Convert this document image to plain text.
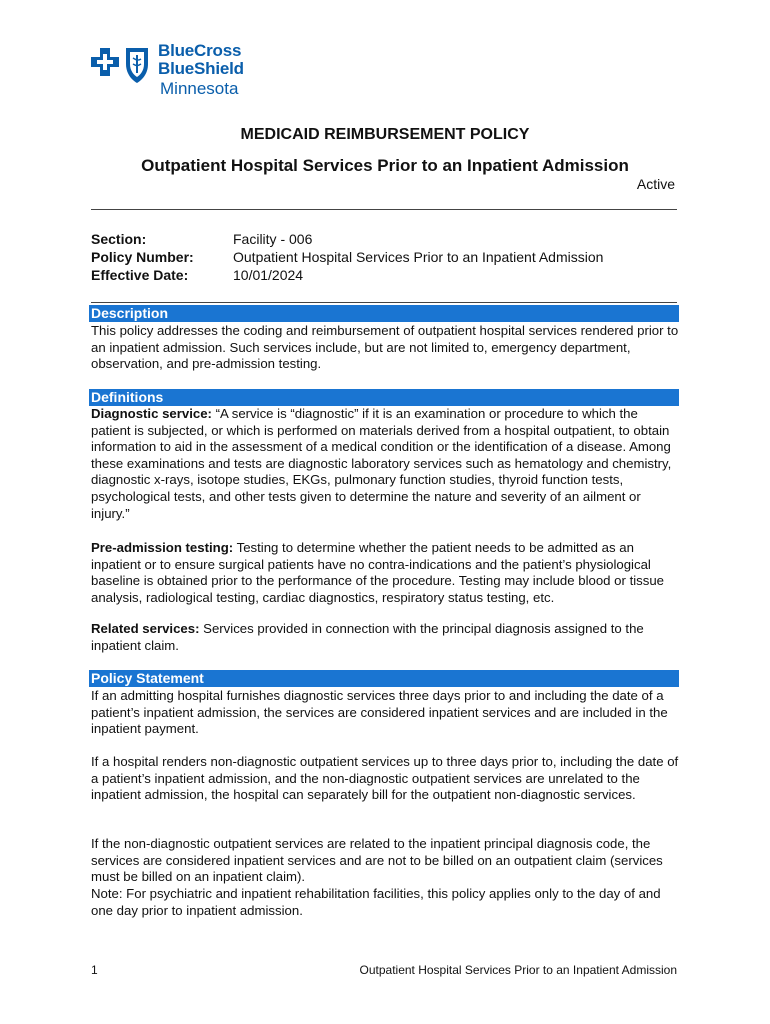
BlueCross
BlueShield
Minnesota
MEDICAID REIMBURSEMENT POLICY
Outpatient Hospital Services Prior to an Inpatient Admission
Active
Section:	Facility - 006
Policy Number:	Outpatient Hospital Services Prior to an Inpatient Admission
Effective Date:	10/01/2024
Description
This policy addresses the coding and reimbursement of outpatient hospital services rendered prior to an inpatient admission. Such services include, but are not limited to, emergency department, observation, and pre-admission testing.
Definitions
Diagnostic service: “A service is “diagnostic” if it is an examination or procedure to which the patient is subjected, or which is performed on materials derived from a hospital outpatient, to obtain information to aid in the assessment of a medical condition or the identification of a disease. Among these examinations and tests are diagnostic laboratory services such as hematology and chemistry, diagnostic x-rays, isotope studies, EKGs, pulmonary function studies, thyroid function tests, psychological tests, and other tests given to determine the nature and severity of an ailment or injury.”
Pre-admission testing: Testing to determine whether the patient needs to be admitted as an inpatient or to ensure surgical patients have no contra-indications and the patient’s physiological baseline is obtained prior to the performance of the procedure. Testing may include blood or tissue analysis, radiological testing, cardiac diagnostics, respiratory status testing, etc.
Related services: Services provided in connection with the principal diagnosis assigned to the inpatient claim.
Policy Statement
If an admitting hospital furnishes diagnostic services three days prior to and including the date of a patient’s inpatient admission, the services are considered inpatient services and are included in the inpatient payment.
If a hospital renders non-diagnostic outpatient services up to three days prior to, including the date of a patient’s inpatient admission, and the non-diagnostic outpatient services are unrelated to the inpatient admission, the hospital can separately bill for the outpatient non-diagnostic services.
If the non-diagnostic outpatient services are related to the inpatient principal diagnosis code, the services are considered inpatient services and are not to be billed on an outpatient claim (services must be billed on an inpatient claim).
Note: For psychiatric and inpatient rehabilitation facilities, this policy applies only to the day of and one day prior to inpatient admission.
1	Outpatient Hospital Services Prior to an Inpatient Admission
